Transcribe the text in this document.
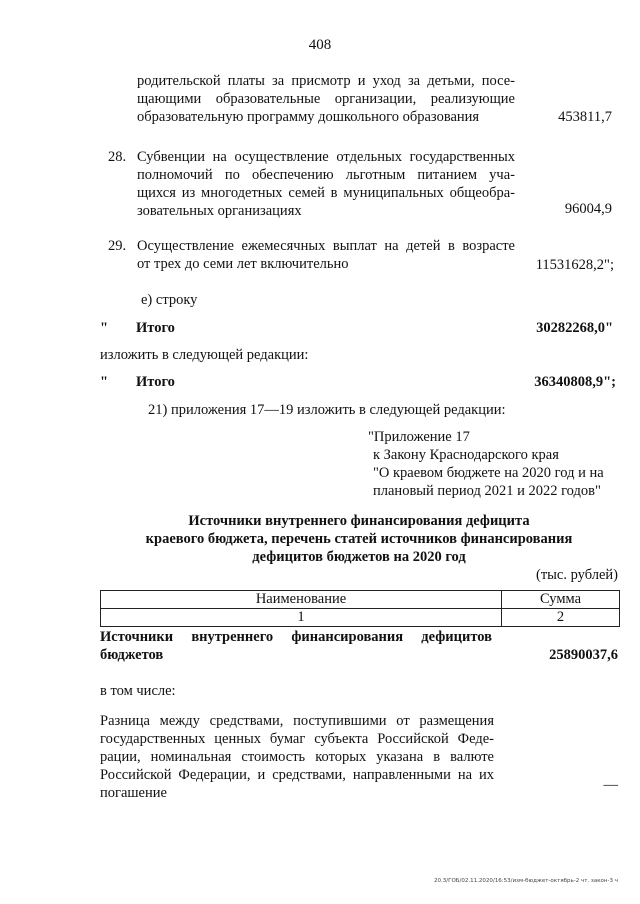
408
родительской платы за присмотр и уход за детьми, посе-
щающими образовательные организации, реализующие
образовательную программу дошкольного образования	453811,7
28. Субвенции на осуществление отдельных государственных
полномочий по обеспечению льготным питанием уча-
щихся из многодетных семей в муниципальных общеобра-
зовательных организациях	96004,9
29. Осуществление ежемесячных выплат на детей в возрасте
от трех до семи лет включительно	11531628,2";
е) строку
"	Итого	30282268,0"
изложить в следующей редакции:
"	Итого	36340808,9";
21) приложения 17—19 изложить в следующей редакции:
"Приложение 17
к Закону Краснодарского края
"О краевом бюджете на 2020 год и на
плановый период 2021 и 2022 годов"
Источники внутреннего финансирования дефицита
краевого бюджета, перечень статей источников финансирования
дефицитов бюджетов на 2020 год
(тыс. рублей)
Наименование	Сумма
1	2
Источники внутреннего финансирования дефицитов
бюджетов	25890037,6
в том числе:
Разница между средствами, поступившими от размещения
государственных ценных бумаг субъекта Российской Феде-
рации, номинальная стоимость которых указана в валюте
Российской Федерации, и средствами, направленными на их
погашение	—
20.3/ГОБ/02.11.2020/16:53/изм-бюджет-октябрь-2 чт. закон-3 ч
